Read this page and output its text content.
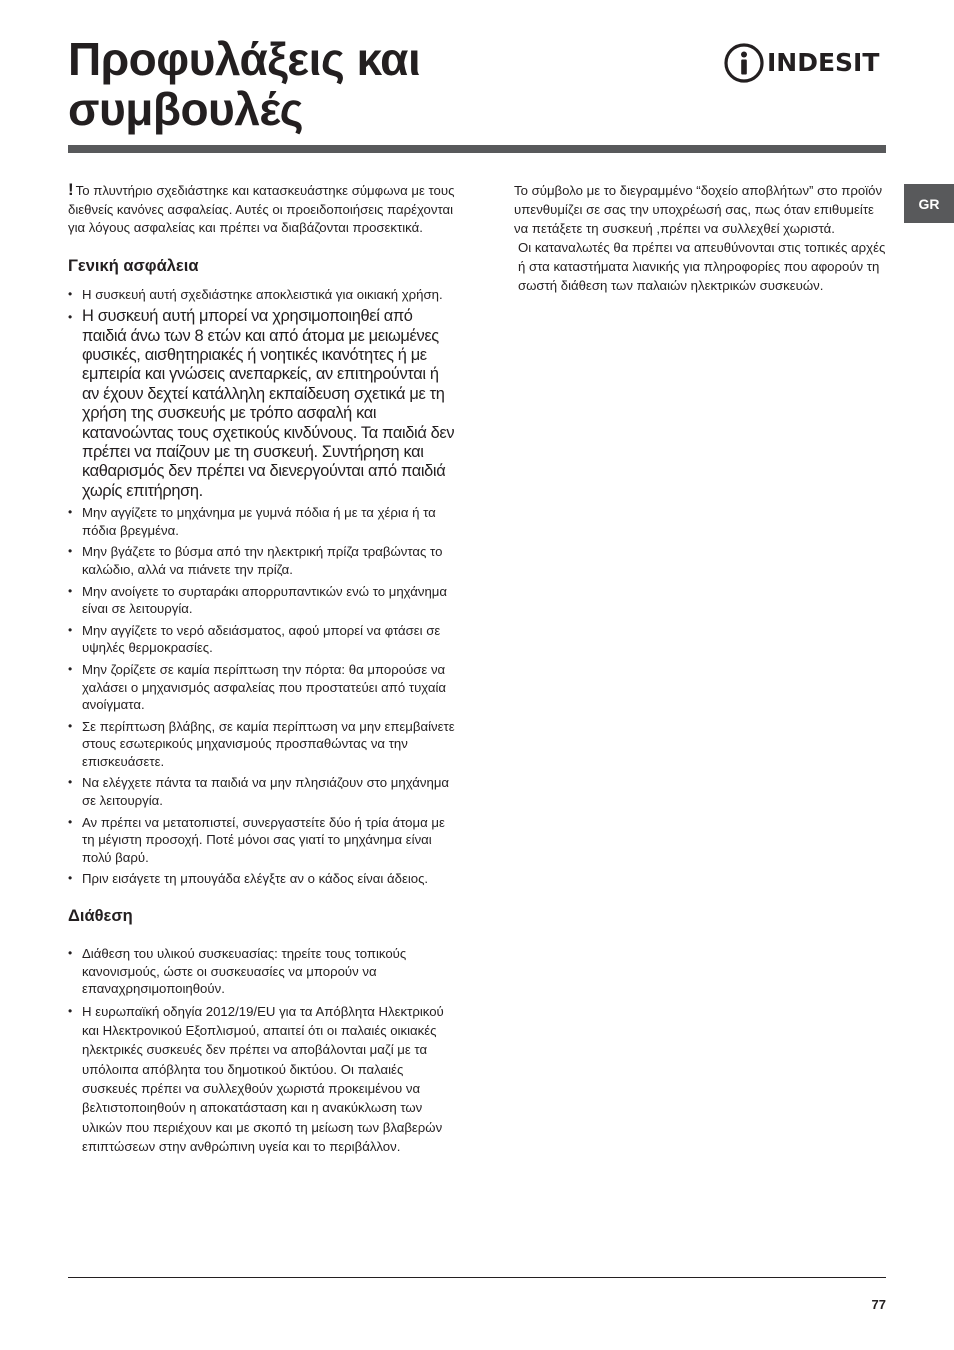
Προφυλάξεις και
συμβουλές
INDESIT
GR

! Το πλυντήριο σχεδιάστηκε και κατασκευάστηκε σύμφωνα με τους διεθνείς κανόνες ασφαλείας. Αυτές οι προειδοποιήσεις παρέχονται για λόγους ασφαλείας και πρέπει να διαβάζονται προσεκτικά.

Γενική ασφάλεια
• Η συσκευή αυτή σχεδιάστηκε αποκλειστικά για οικιακή χρήση.
• Η συσκευή αυτή μπορεί να χρησιμοποιηθεί από παιδιά άνω των 8 ετών και από άτομα με μειωμένες φυσικές, αισθητηριακές ή νοητικές ικανότητες ή με εμπειρία και γνώσεις ανεπαρκείς, αν επιτηρούνται ή αν έχουν δεχτεί κατάλληλη εκπαίδευση σχετικά με τη χρήση της συσκευής με τρόπο ασφαλή και κατανοώντας τους σχετικούς κινδύνους. Τα παιδιά δεν πρέπει να παίζουν με τη συσκευή. Συντήρηση και καθαρισμός δεν πρέπει να διενεργούνται από παιδιά χωρίς επιτήρηση.
• Μην αγγίζετε το μηχάνημα με γυμνά πόδια ή με τα χέρια ή τα πόδια βρεγμένα.
• Μην βγάζετε το βύσμα από την ηλεκτρική πρίζα τραβώντας το καλώδιο, αλλά να πιάνετε την πρίζα.
• Μην ανοίγετε το συρταράκι απορρυπαντικών ενώ το μηχάνημα είναι σε λειτουργία.
• Μην αγγίζετε το νερό αδειάσματος, αφού μπορεί να φτάσει σε υψηλές θερμοκρασίες.
• Μην ζορίζετε σε καμία περίπτωση την πόρτα: θα μπορούσε να χαλάσει ο μηχανισμός ασφαλείας που προστατεύει από τυχαία ανοίγματα.
• Σε περίπτωση βλάβης, σε καμία περίπτωση να μην επεμβαίνετε στους εσωτερικούς μηχανισμούς προσπαθώντας να την επισκευάσετε.
• Να ελέγχετε πάντα τα παιδιά να μην πλησιάζουν στο μηχάνημα σε λειτουργία.
• Αν πρέπει να μετατοπιστεί, συνεργαστείτε δύο ή τρία άτομα με τη μέγιστη προσοχή. Ποτέ μόνοι σας γιατί το μηχάνημα είναι πολύ βαρύ.
• Πριν εισάγετε τη μπουγάδα ελέγξτε αν ο κάδος είναι άδειος.
Διάθεση
• Διάθεση του υλικού συσκευασίας: τηρείτε τους τοπικούς κανονισμούς, ώστε οι συσκευασίες να μπορούν να επαναχρησιμοποιηθούν.
• Η ευρωπαϊκή οδηγία 2012/19/EU για τα Απόβλητα Ηλεκτρικού και Ηλεκτρονικού Εξοπλισμού, απαιτεί ότι οι παλαιές οικιακές ηλεκτρικές συσκευές δεν πρέπει να αποβάλονται μαζί με τα υπόλοιπα απόβλητα του δημοτικού δικτύου. Οι παλαιές συσκευές πρέπει να συλλεχθούν χωριστά προκειμένου να βελτιστοποιηθούν η αποκατάσταση και η ανακύκλωση των υλικών που περιέχουν και με σκοπό τη μείωση των βλαβερών επιπτώσεων στην ανθρώπινη υγεία και το περιβάλλον.

Το σύμβολο με το διεγραμμένο “δοχείο αποβλήτων” στο προϊόν υπενθυμίζει σε σας την υποχρέωσή σας, πως όταν επιθυμείτε να πετάξετε τη συσκευή ,πρέπει να συλλεχθεί χωριστά.

Οι καταναλωτές θα πρέπει να απευθύνονται στις τοπικές αρχές ή στα καταστήματα λιανικής για πληροφορίες που αφορούν τη σωστή διάθεση των παλαιών ηλεκτρικών συσκευών.

77
